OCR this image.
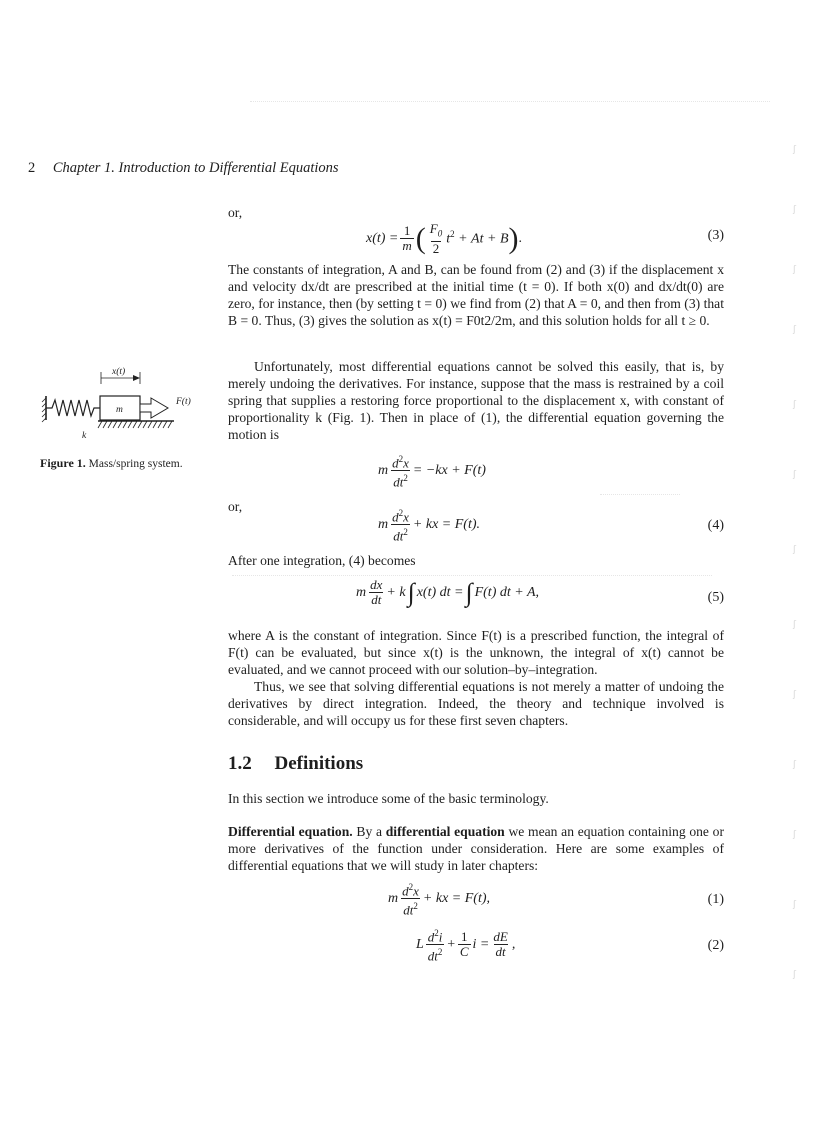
2 Chapter 1. Introduction to Differential Equations
or,
$x(t) = \frac{1}{m}$ ( $\frac{F_0}{2} t^2 + At + B$ ) .	(3)
The constants of integration, A and B, can be found from (2) and (3) if the displacement x and velocity dx/dt are prescribed at the initial time (t = 0). If both x(0) and dx/dt(0) are zero, for instance, then (by setting t = 0) we find from (2) that A = 0, and then from (3) that B = 0. Thus, (3) gives the solution as x(t) = F0t2/2m, and this solution holds for all t ≥ 0.
Unfortunately, most differential equations cannot be solved this easily, that is, by merely undoing the derivatives. For instance, suppose that the mass is restrained by a coil spring that supplies a restoring force proportional to the displacement x, with constant of proportionality k (Fig. 1). Then in place of (1), the differential equation governing the motion is
x(t)
m
F(t)
k
Figure 1. Mass/spring system.	m $\frac{d^2x}{dt^2} = -kx + F(t)$
or,
m $\frac{d^2x}{dt^2}$ + kx = F(t).	(4)
After one integration, (4) becomes
m $\frac{dx}{dt} + k$ ∫ x(t) dt = ∫ F(t) dt + A,	(5)
where A is the constant of integration. Since F(t) is a prescribed function, the integral of F(t) can be evaluated, but since x(t) is the unknown, the integral of x(t) cannot be evaluated, and we cannot proceed with our solution–by–integration.
Thus, we see that solving differential equations is not merely a matter of undoing the derivatives by direct integration. Indeed, the theory and technique involved is considerable, and will occupy us for these first seven chapters.
1.2 Definitions
In this section we introduce some of the basic terminology.
Differential equation. By a differential equation we mean an equation containing one or more derivatives of the function under consideration. Here are some examples of differential equations that we will study in later chapters:
m $\frac{d^2x}{dt^2}$ + kx = F(t),	(1)
L $\frac{d^2i}{dt^2} + \frac{1}{C}$ $i = \frac{dE}{dt}$ ,	(2)
ʃ
ʃ
ʃ
ʃ
ʃ
ʃ
ʃ
ʃ
ʃ
ʃ
ʃ
ʃ
ʃ
